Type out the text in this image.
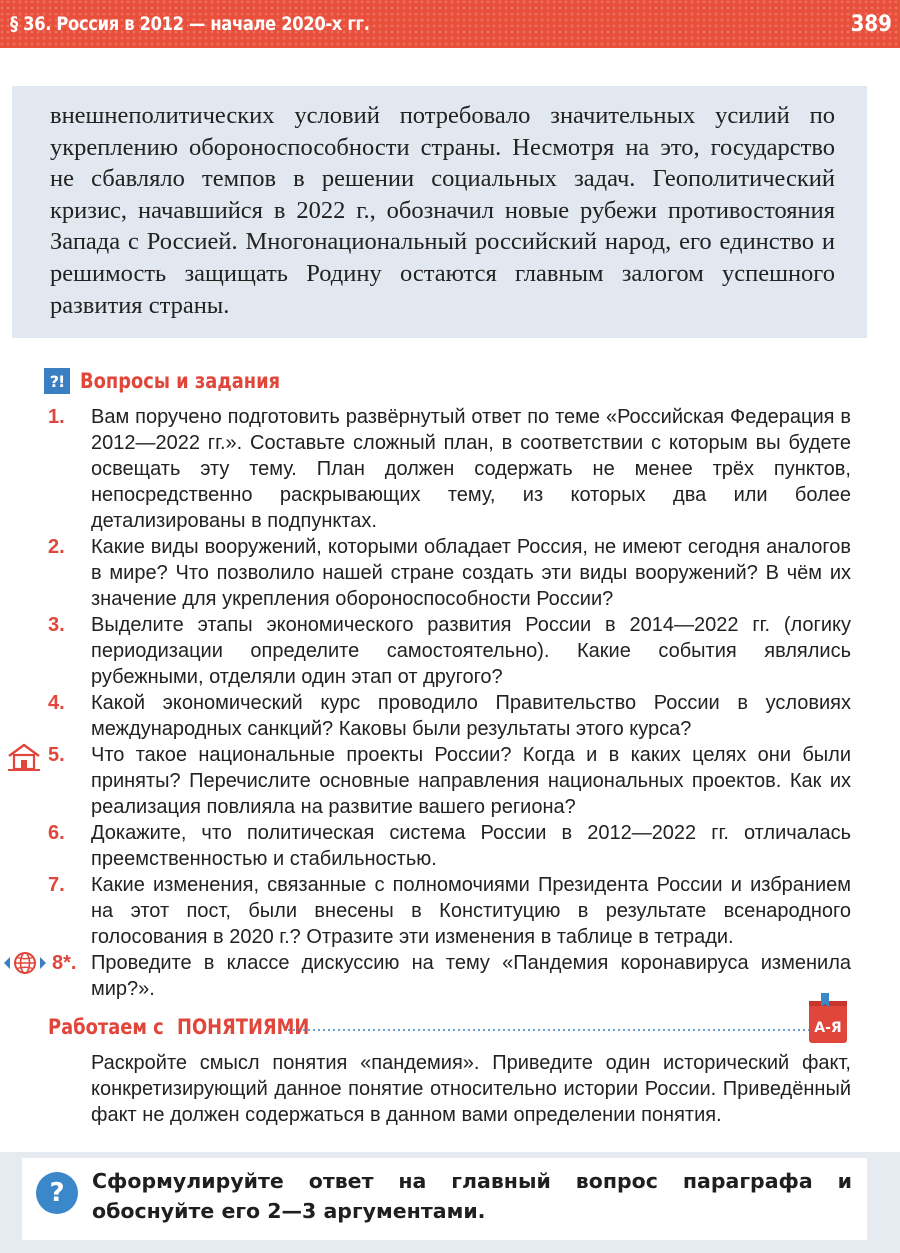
§ 36. Россия в 2012 — начале 2020-х гг.	389

внешнеполитических условий потребовало значительных усилий по укреплению обороноспособности страны. Несмотря на это, государство не сбавляло темпов в решении социальных задач. Геополитический кризис, начавшийся в 2022 г., обозначил новые рубежи противостояния Запада с Россией. Многонациональный российский народ, его единство и решимость защищать Родину остаются главным залогом успешного развития страны.

?! Вопросы и задания
1. Вам поручено подготовить развёрнутый ответ по теме «Российская Федерация в 2012—2022 гг.». Составьте сложный план, в соответствии с которым вы будете освещать эту тему. План должен содержать не менее трёх пунктов, непосредственно раскрывающих тему, из которых два или более детализированы в подпунктах.

2. Какие виды вооружений, которыми обладает Россия, не имеют сегодня аналогов в мире? Что позволило нашей стране создать эти виды вооружений? В чём их значение для укрепления обороноспособности России?

3. Выделите этапы экономического развития России в 2014—2022 гг. (логику периодизации определите самостоятельно). Какие события являлись рубежными, отделяли один этап от другого?

4. Какой экономический курс проводило Правительство России в условиях международных санкций? Каковы были результаты этого курса?

5. Что такое национальные проекты России? Когда и в каких целях они были приняты? Перечислите основные направления национальных проектов. Как их реализация повлияла на развитие вашего региона?

6. Докажите, что политическая система России в 2012—2022 гг. отличалась преемственностью и стабильностью.

7. Какие изменения, связанные с полномочиями Президента России и избранием на этот пост, были внесены в Конституцию в результате всенародного голосования в 2020 г.? Отразите эти изменения в таблице в тетради.

8*. Проведите в классе дискуссию на тему «Пандемия коронавируса изменила мир?».

Работаем с ПОНЯТИЯМИ	А-Я

Раскройте смысл понятия «пандемия». Приведите один исторический факт, конкретизирующий данное понятие относительно истории России. Приведённый факт не должен содержаться в данном вами определении понятия.

?	Сформулируйте ответ на главный вопрос параграфа и обоснуйте его 2—3 аргументами.
